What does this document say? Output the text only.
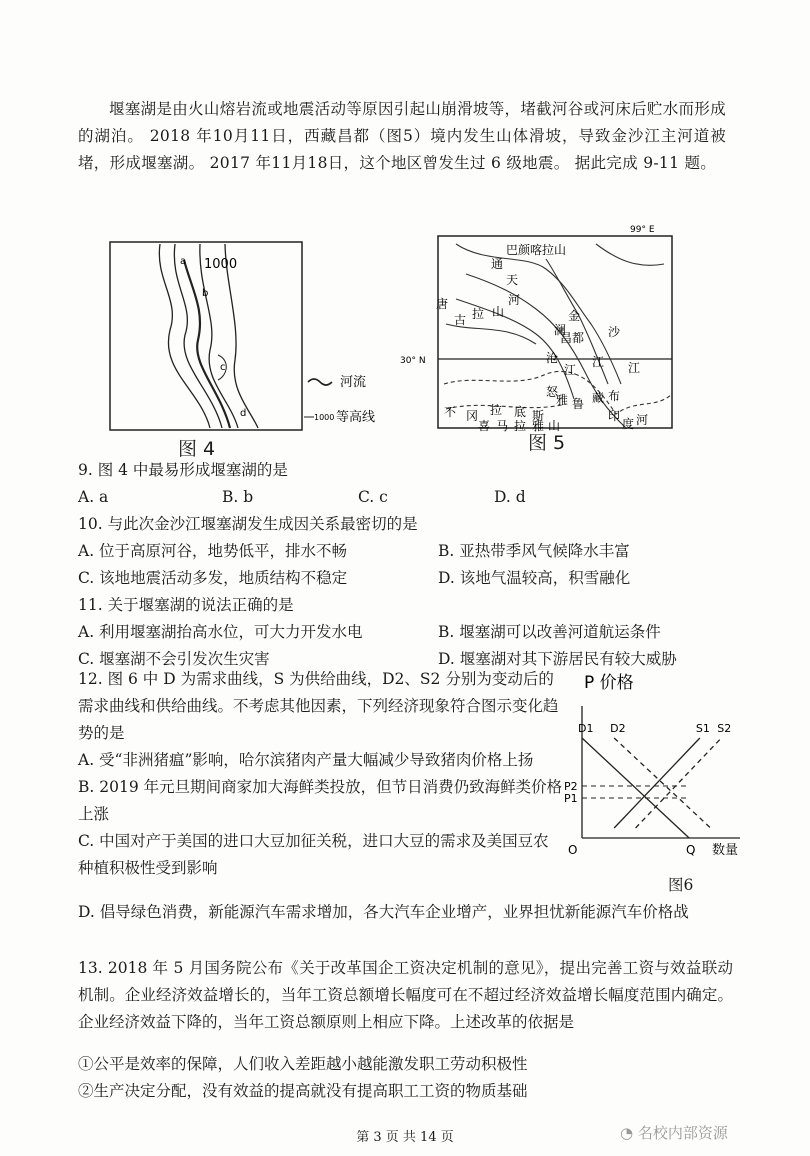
堰塞湖是由火山熔岩流或地震活动等原因引起山崩滑坡等，堵截河谷或河床后贮水而形成的湖泊。 2018 年10月11日，西藏昌都（图5）境内发生山体滑坡，导致金沙江主河道被堵，形成堰塞湖。 2017 年11月18日，这个地区曾发生过 6 级地震。 据此完成 9-11 题。
a 1000
b
c
d
河流
1000 等高线
图 4
99° E
30° N
巴颜喀拉山
通
天
河
唐
古 拉 山	金
昌都
澜	沙
沧
江
怒
江 江
雅 鲁 藏 布
不 冈 拉 底 斯
喜 马 拉 雅 山
印
度 河
图 5
9. 图 4 中最易形成堰塞湖的是
A. a	B. b	C. c	D. d
10. 与此次金沙江堰塞湖发生成因关系最密切的是
A. 位于高原河谷，地势低平，排水不畅	B. 亚热带季风气候降水丰富
C. 该地地震活动多发，地质结构不稳定	D. 该地气温较高，积雪融化
11. 关于堰塞湖的说法正确的是
A. 利用堰塞湖抬高水位，可大力开发水电	B. 堰塞湖可以改善河道航运条件
C. 堰塞湖不会引发次生灾害	D. 堰塞湖对其下游居民有较大威胁

12. 图 6 中 D 为需求曲线，S 为供给曲线，D2、S2 分别为变动后的需求曲线和供给曲线。不考虑其他因素，下列经济现象符合图示变化趋势的是

A. 受“非洲猪瘟”影响，哈尔滨猪肉产量大幅减少导致猪肉价格上扬

B. 2019 年元旦期间商家加大海鲜类投放，但节日消费仍致海鲜类价格上涨

C. 中国对产于美国的进口大豆加征关税，进口大豆的需求及美国豆农种植积极性受到影响

D. 倡导绿色消费，新能源汽车需求增加，各大汽车企业增产，业界担忧新能源汽车价格战
P 价格
O	Q 数量
D1 D2	S1 S2
P2
P1
图6
13. 2018 年 5 月国务院公布《关于改革国企工资决定机制的意见》，提出完善工资与效益联动机制。企业经济效益增长的，当年工资总额增长幅度可在不超过经济效益增长幅度范围内确定。企业经济效益下降的，当年工资总额原则上相应下降。上述改革的依据是
①公平是效率的保障，人们收入差距越小越能激发职工劳动积极性
②生产决定分配，没有效益的提高就没有提高职工工资的物质基础
第 3 页 共 14 页	◔ 名校内部资源
